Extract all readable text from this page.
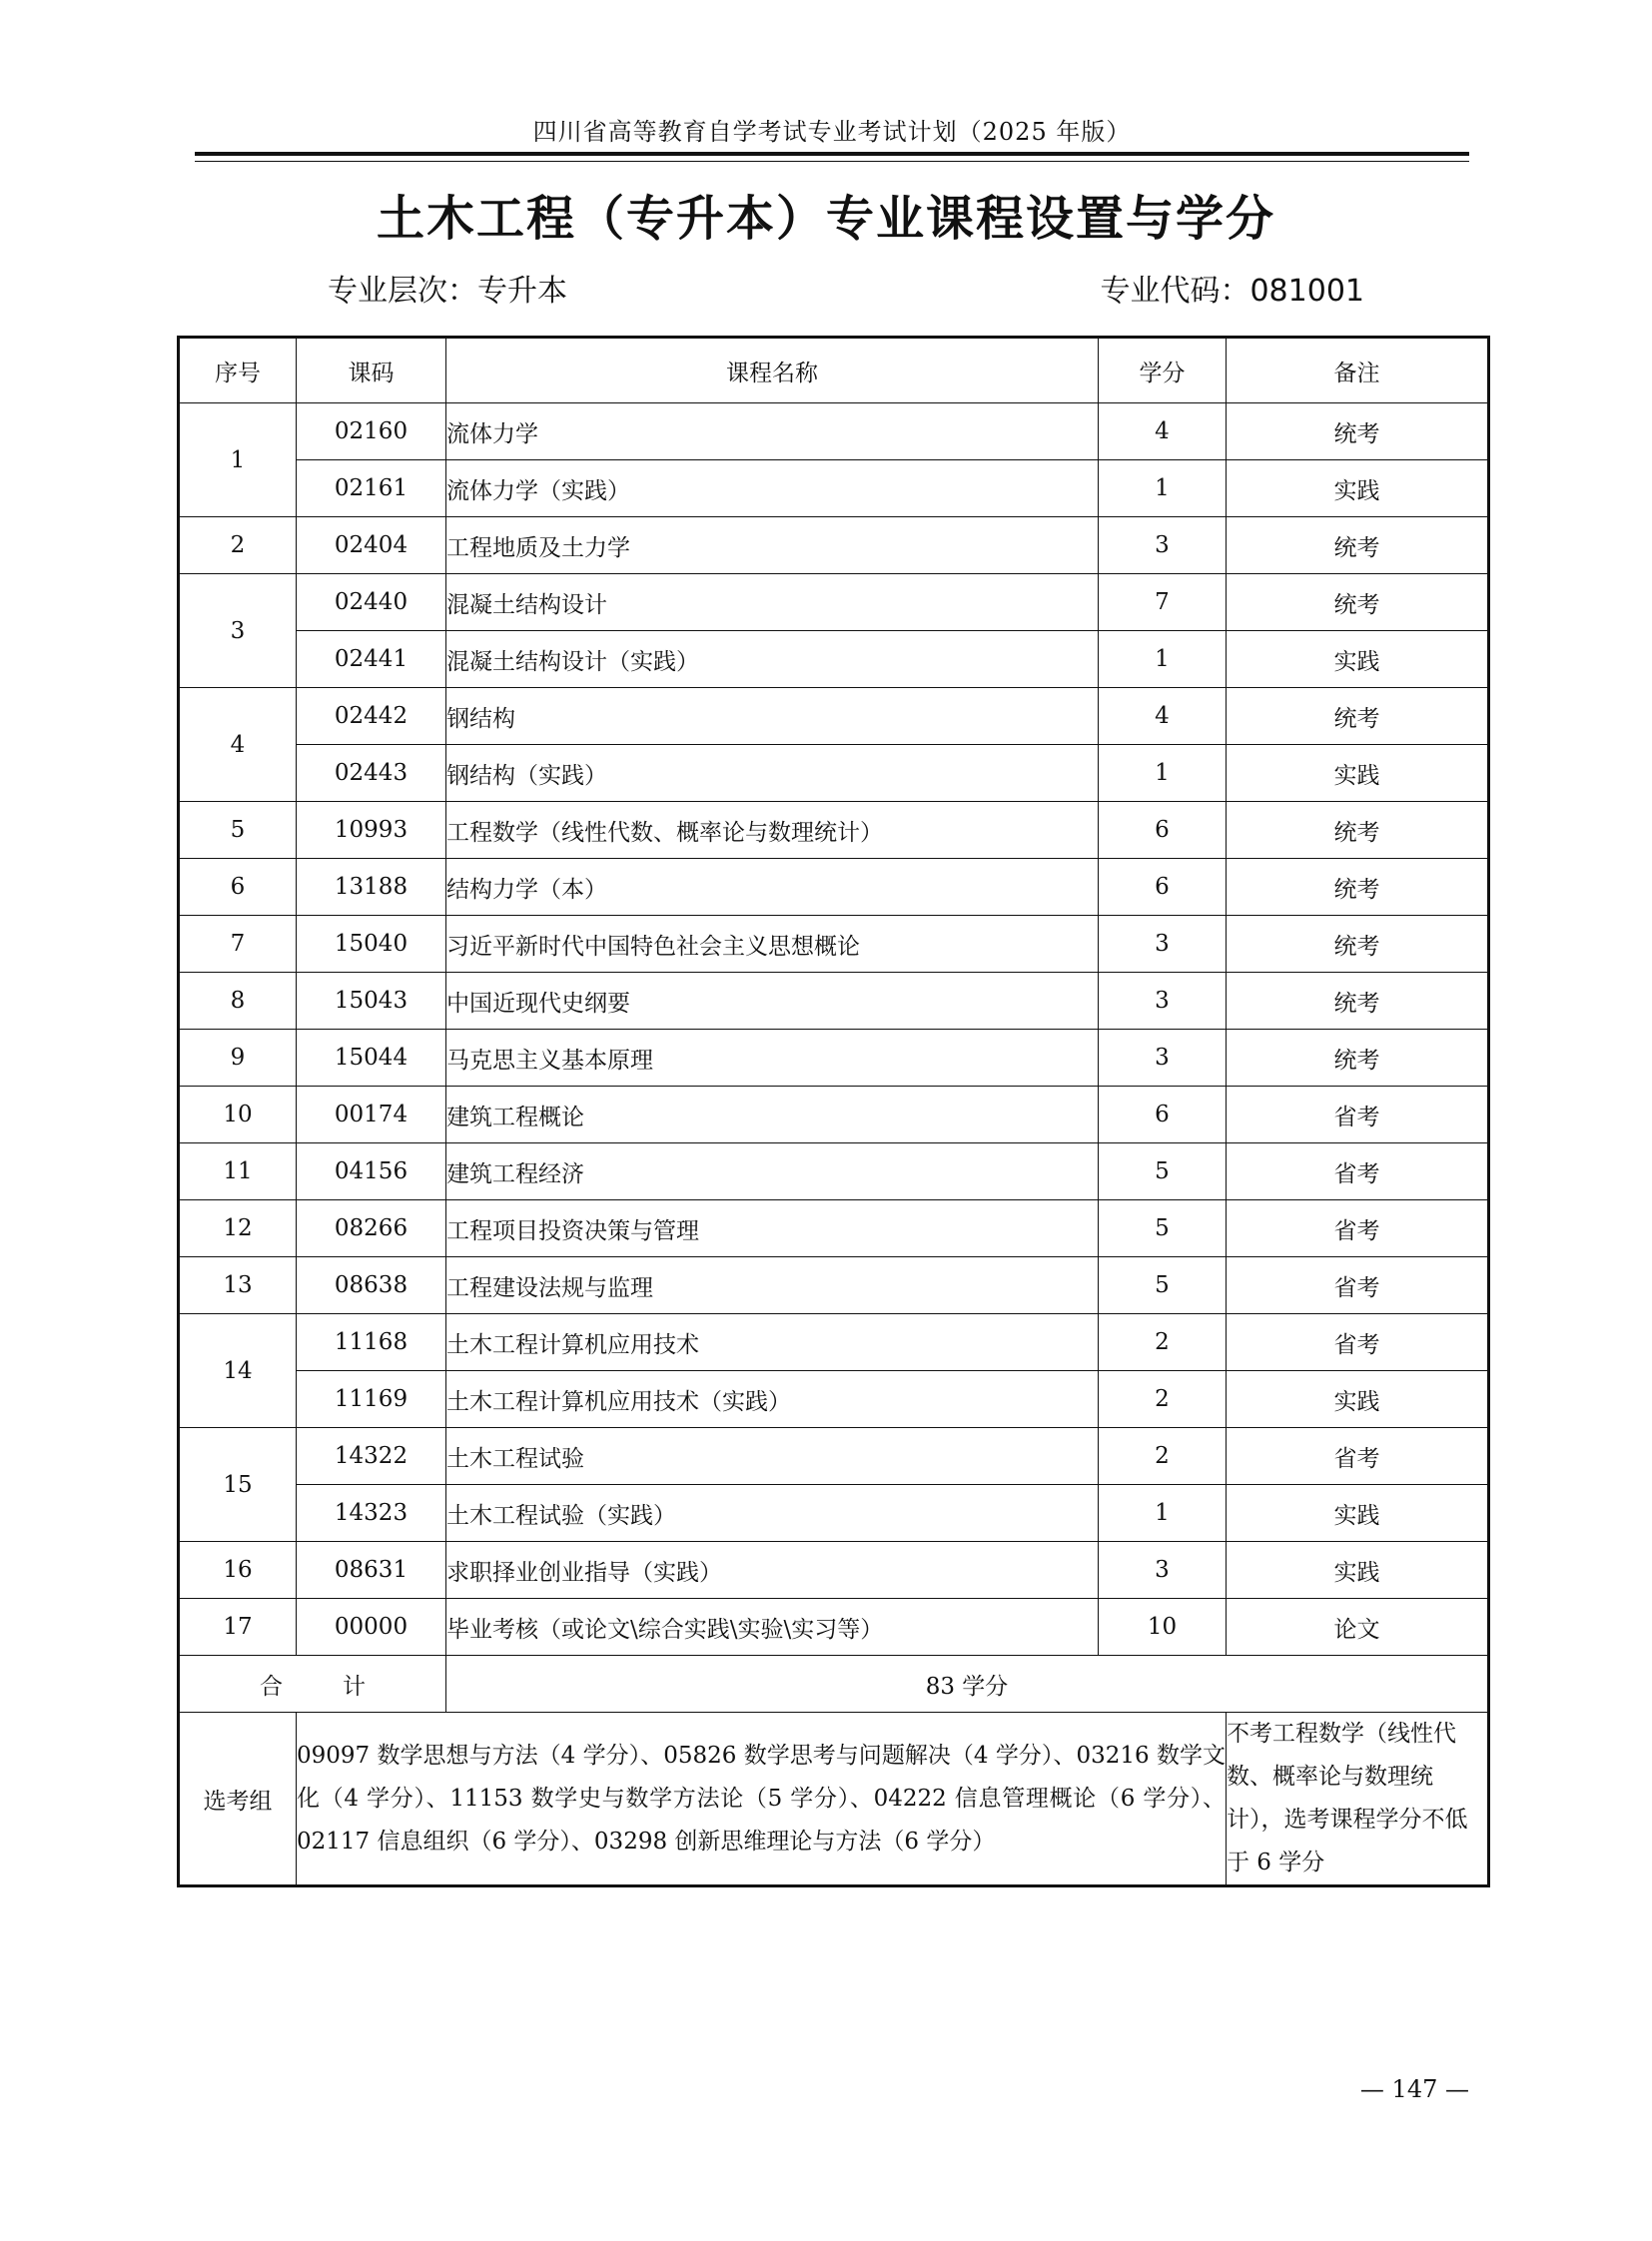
四川省高等教育自学考试专业考试计划（2025 年版）
土木工程（专升本）专业课程设置与学分
专业层次：专升本	专业代码：081001
序号	课码	课程名称	学分	备注
1	02160	流体力学	4	统考
	02161	流体力学（实践）	1	实践
2	02404	工程地质及土力学	3	统考
3	02440	混凝土结构设计	7	统考
	02441	混凝土结构设计（实践）	1	实践
4	02442	钢结构	4	统考
	02443	钢结构（实践）	1	实践
5	10993	工程数学（线性代数、概率论与数理统计）	6	统考
6	13188	结构力学（本）	6	统考
7	15040	习近平新时代中国特色社会主义思想概论	3	统考
8	15043	中国近现代史纲要	3	统考
9	15044	马克思主义基本原理	3	统考
10	00174	建筑工程概论	6	省考
11	04156	建筑工程经济	5	省考
12	08266	工程项目投资决策与管理	5	省考
13	08638	工程建设法规与监理	5	省考
14	11168	土木工程计算机应用技术	2	省考
	11169	土木工程计算机应用技术（实践）	2	实践
15	14322	土木工程试验	2	省考
	14323	土木工程试验（实践）	1	实践
16	08631	求职择业创业指导（实践）	3	实践
17	00000	毕业考核（或论文\综合实践\实验\实习等）	10	论文
合 计		83 学分		
选考组	09097 数学思想与方法（4 学分）、05826 数学思考与问题解决（4 学分）、03216 数学文化（4 学分）、11153 数学史与数学方法论（5 学分）、04222 信息管理概论（6 学分）、02117 信息组织（6 学分）、03298 创新思维理论与方法（6 学分）			不考工程数学（线性代数、概率论与数理统计），选考课程学分不低于 6 学分
— 147 —
